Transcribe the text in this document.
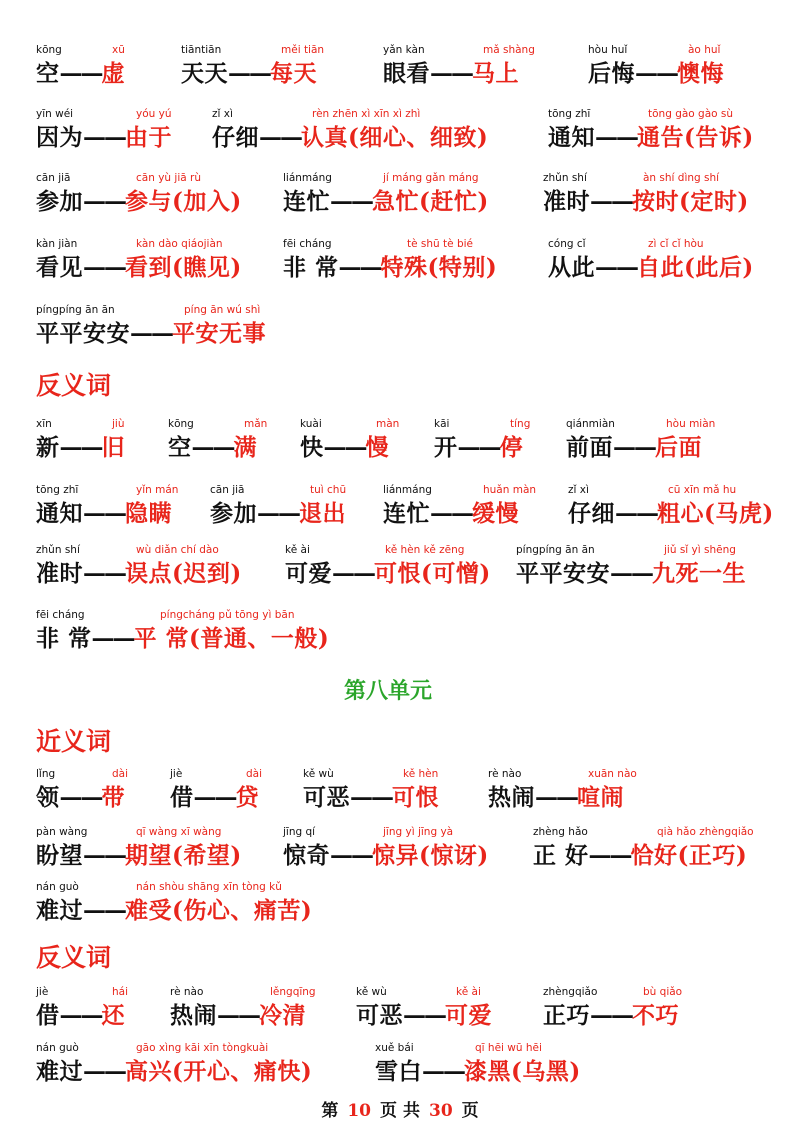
反义词
第八单元
近义词
反义词
kōng	xū
空——虚
tiāntiān	měi tiān
天天——每天
yǎn kàn	mǎ shàng
眼看——马上
hòu huǐ	ào huǐ
后悔——懊悔
yīn wéi	yóu yú
因为——由于
zǐ xì	rèn zhēn xì xīn xì zhì
仔细——认真(细心、细致)
tōng zhī	tōng gào gào sù
通知——通告(告诉)
cān jiā	cān yù jiā rù
参加——参与(加入)
liánmáng	jí máng gǎn máng
连忙——急忙(赶忙)
zhǔn shí	àn shí dìng shí
准时——按时(定时)
kàn jiàn	kàn dào qiáojiàn
看见——看到(瞧见)
fēi cháng	tè shū tè bié
非 常——特殊(特别)
cóng cǐ	zì cǐ cǐ hòu
从此——自此(此后)
píngpíng ān ān	píng ān wú shì
平平安安——平安无事
xīn	jiù
新——旧
kōng	mǎn
空——满
kuài	màn
快——慢
kāi	tíng
开——停
qiánmiàn	hòu miàn
前面——后面
tōng zhī	yǐn mán
通知——隐瞒
cān jiā	tuì chū
参加——退出
liánmáng	huǎn màn
连忙——缓慢
zǐ xì	cū xīn mǎ hu
仔细——粗心(马虎)
zhǔn shí	wù diǎn chí dào
准时——误点(迟到)
kě ài	kě hèn kě zēng
可爱——可恨(可憎)
píngpíng ān ān	jiǔ sǐ yì shēng
平平安安——九死一生
fēi cháng	píngcháng pǔ tōng yì bān
非 常——平 常(普通、一般)
lǐng	dài
领——带
jiè	dài
借——贷
kě wù	kě hèn
可恶——可恨
rè nào	xuān nào
热闹——喧闹
pàn wàng	qī wàng xī wàng
盼望——期望(希望)
jīng qí	jīng yì jīng yà
惊奇——惊异(惊讶)
zhèng hǎo	qià hǎo zhèngqiǎo
正 好——恰好(正巧)
nán guò	nán shòu shāng xīn tòng kǔ
难过——难受(伤心、痛苦)
jiè	hái
借——还
rè nào	lěngqīng
热闹——冷清
kě wù	kě ài
可恶——可爱
zhèngqiǎo	bù qiǎo
正巧——不巧
nán guò	gāo xìng kāi xīn tòngkuài
难过——高兴(开心、痛快)
xuě bái	qī hēi wū hēi
雪白——漆黑(乌黑)
第 10 页 共 30 页
